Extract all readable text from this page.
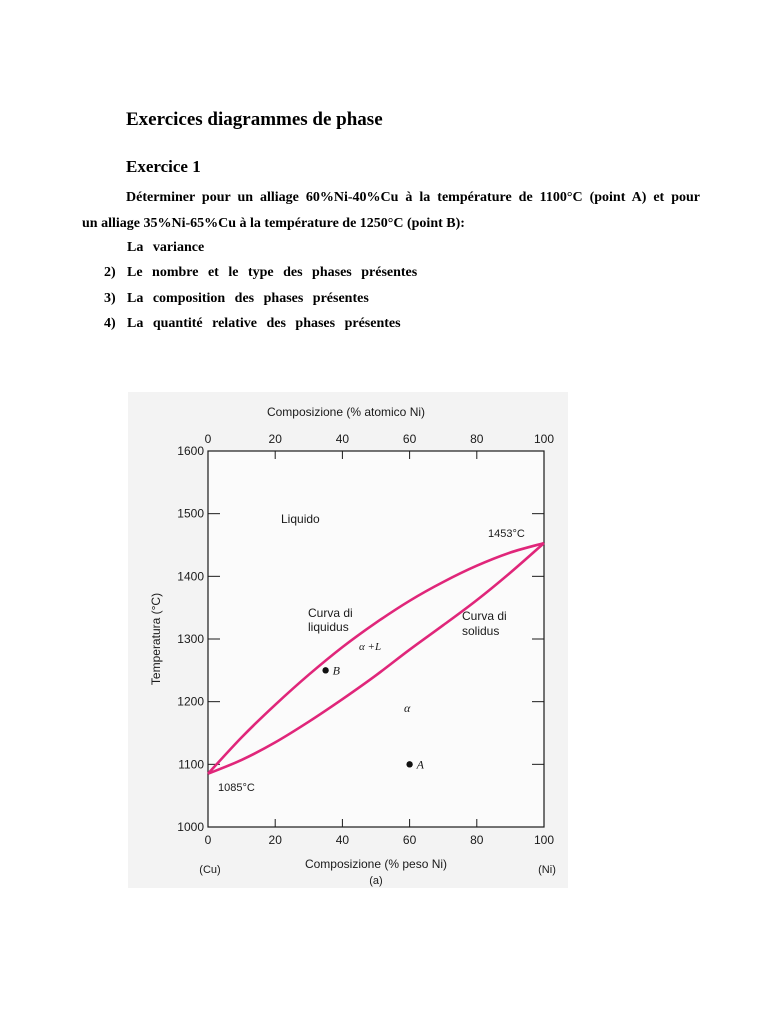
Exercices diagrammes de phase
Exercice 1
Déterminer pour un alliage 60%Ni-40%Cu à la température de 1100°C (point A) et pour
un alliage 35%Ni-65%Cu à la température de 1250°C (point B):
La variance
2) Le nombre et le type des phases présentes
3) La composition des phases présentes
4) La quantité relative des phases présentes
0	20	40	60	80	100
0	20	40	60	80	100
1000
1100
1200
1300
1400
1500
1600
B
A
Composizione (% atomico Ni)
Composizione (% peso Ni)
Temperatura (°C)
(Cu)	(Ni)
(a)
Liquido
Curva di
liquidus
Curva di
solidus
α +L
α
1453°C
1085°C
